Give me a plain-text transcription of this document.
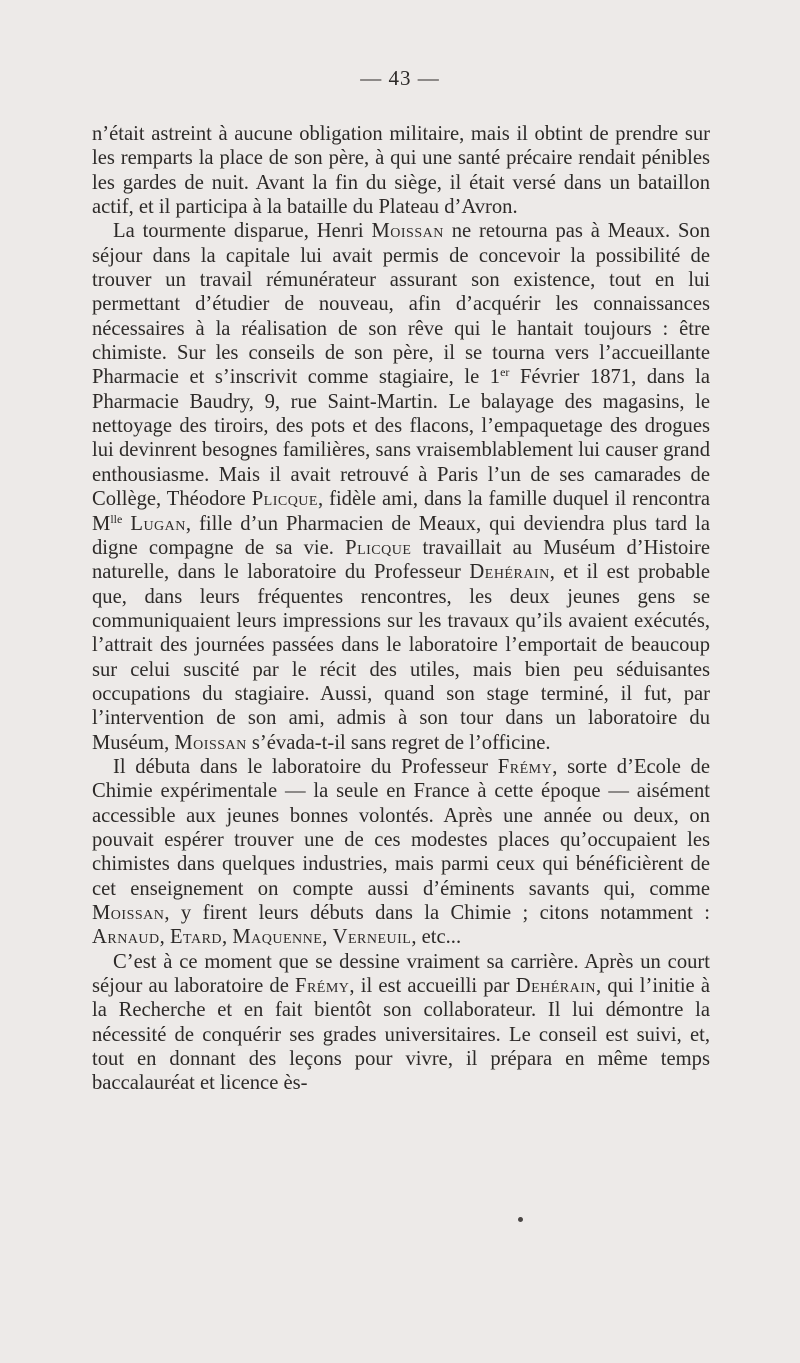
— 43 —

n’était astreint à aucune obligation militaire, mais il obtint de prendre sur les remparts la place de son père, à qui une santé précaire rendait pénibles les gardes de nuit. Avant la fin du siège, il était versé dans un bataillon actif, et il participa à la bataille du Plateau d’Avron.

La tourmente disparue, Henri Moissan ne retourna pas à Meaux. Son séjour dans la capitale lui avait permis de concevoir la possibilité de trouver un travail rémunérateur assurant son existence, tout en lui permettant d’étudier de nouveau, afin d’acquérir les connaissances nécessaires à la réalisation de son rêve qui le hantait toujours : être chimiste. Sur les conseils de son père, il se tourna vers l’accueillante Pharmacie et s’inscrivit comme stagiaire, le 1er Février 1871, dans la Pharmacie Baudry, 9, rue Saint-Martin. Le balayage des magasins, le nettoyage des tiroirs, des pots et des flacons, l’empaquetage des drogues lui devinrent besognes familières, sans vraisemblablement lui causer grand enthousiasme. Mais il avait retrouvé à Paris l’un de ses camarades de Collège, Théodore Plicque, fidèle ami, dans la famille duquel il rencontra $M^{lle}$ Lugan, fille d’un Pharmacien de Meaux, qui deviendra plus tard la digne compagne de sa vie. Plicque travaillait au Muséum d’Histoire naturelle, dans le laboratoire du Professeur Dehérain, et il est probable que, dans leurs fréquentes rencontres, les deux jeunes gens se communiquaient leurs impressions sur les travaux qu’ils avaient exécutés, l’attrait des journées passées dans le laboratoire l’emportait de beaucoup sur celui suscité par le récit des utiles, mais bien peu séduisantes occupations du stagiaire. Aussi, quand son stage terminé, il fut, par l’intervention de son ami, admis à son tour dans un laboratoire du Muséum, Moissan s’évada-t-il sans regret de l’officine.

Il débuta dans le laboratoire du Professeur Frémy, sorte d’Ecole de Chimie expérimentale — la seule en France à cette époque — aisément accessible aux jeunes bonnes volontés. Après une année ou deux, on pouvait espérer trouver une de ces modestes places qu’occupaient les chimistes dans quelques industries, mais parmi ceux qui bénéficièrent de cet enseignement on compte aussi d’éminents savants qui, comme Moissan, y firent leurs débuts dans la Chimie ; citons notamment : Arnaud, Etard, Maquenne, Verneuil, etc...

C’est à ce moment que se dessine vraiment sa carrière. Après un court séjour au laboratoire de Frémy, il est accueilli par Dehérain, qui l’initie à la Recherche et en fait bientôt son collaborateur. Il lui démontre la nécessité de conquérir ses grades universitaires. Le conseil est suivi, et, tout en donnant des leçons pour vivre, il prépara en même temps baccalauréat et licence ès-
